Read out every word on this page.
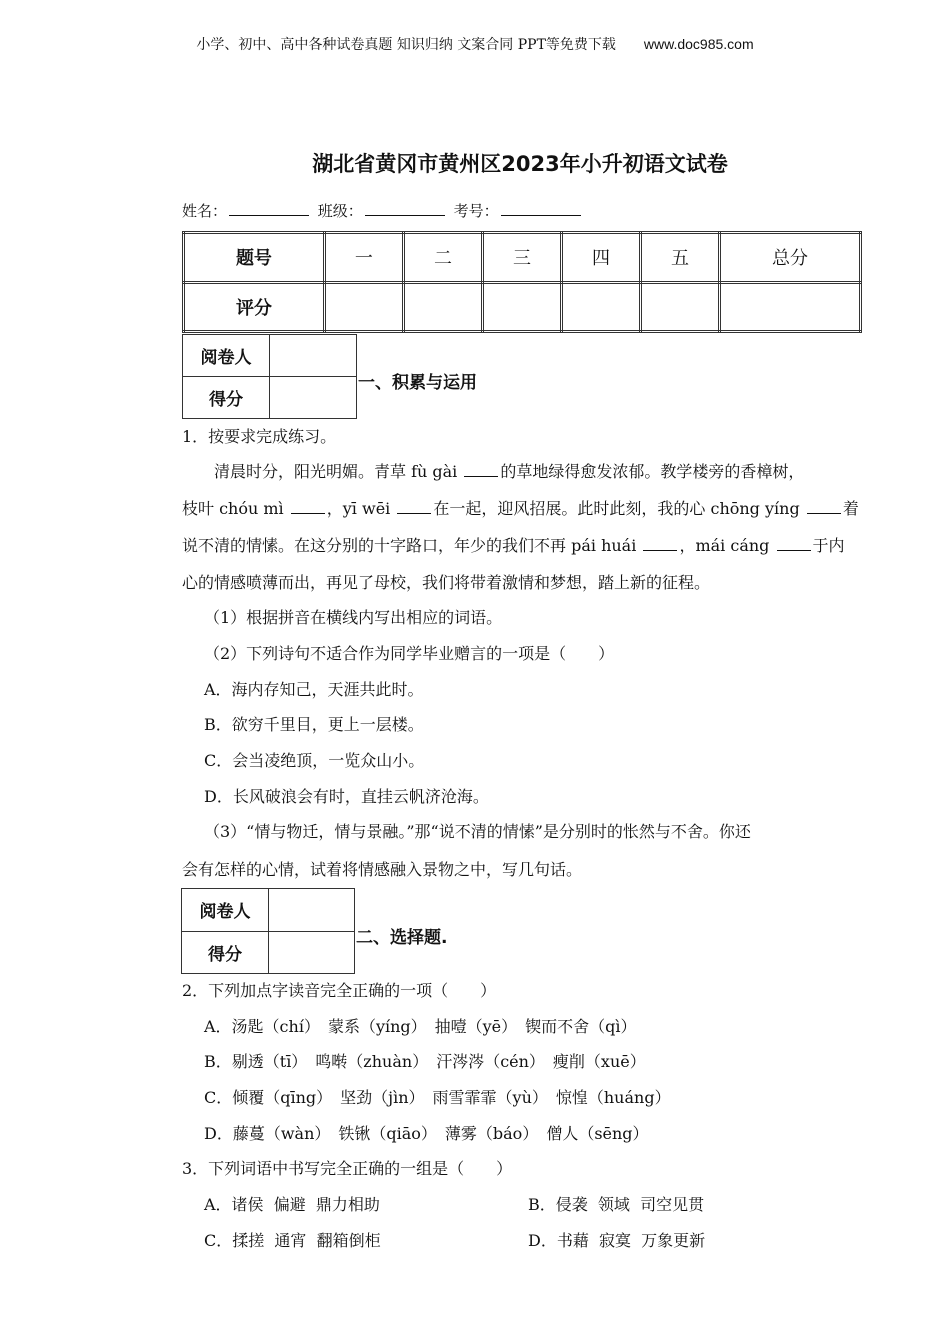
小学、初中、高中各种试卷真题 知识归纳 文案合同 PPT等免费下载 www.doc985.com
湖北省黄冈市黄州区2023年小升初语文试卷
姓名：	班级：	考号：
题号	一	二	三	四	五	总分
评分						
阅卷人	
得分	
一、积累与运用
1．按要求完成练习。
清晨时分，阳光明媚。青草 fù gài 的草地绿得愈发浓郁。教学楼旁的香樟树，
枝叶 chóu mì ，yī wēi 在一起，迎风招展。此时此刻，我的心 chōng yíng 着
说不清的情愫。在这分别的十字路口，年少的我们不再 pái huái ，mái cáng 于内
心的情感喷薄而出，再见了母校，我们将带着激情和梦想，踏上新的征程。
（1）根据拼音在横线内写出相应的词语。
（2）下列诗句不适合作为同学毕业赠言的一项是（　　）
A．海内存知己，天涯共此时。
B．欲穷千里目，更上一层楼。
C．会当凌绝顶，一览众山小。
D．长风破浪会有时，直挂云帆济沧海。
（3）“情与物迁，情与景融。”那“说不清的情愫”是分别时的怅然与不舍。你还
会有怎样的心情，试着将情感融入景物之中，写几句话。
阅卷人	
得分	
二、选择题.
2．下列加点字读音完全正确的一项（　　）
A．汤匙（chí）　蒙系（yíng）　抽噎（yē）　锲而不舍（qì）
B．剔透（tī）　鸣啭（zhuàn）　汗涔涔（cén）　瘦削（xuē）
C．倾覆（qīng）　坚劲（jìn）　雨雪霏霏（yù）　惊惶（huáng）
D．藤蔓（wàn）　铁锹（qiāo）　薄雾（báo）　僧人（sēng）
3．下列词语中书写完全正确的一组是（　　）
A．诸侯  偏避  鼎力相助	B．侵袭  领域  司空见贯
C．揉搓  通宵  翻箱倒柜	D．书藉  寂寞  万象更新
